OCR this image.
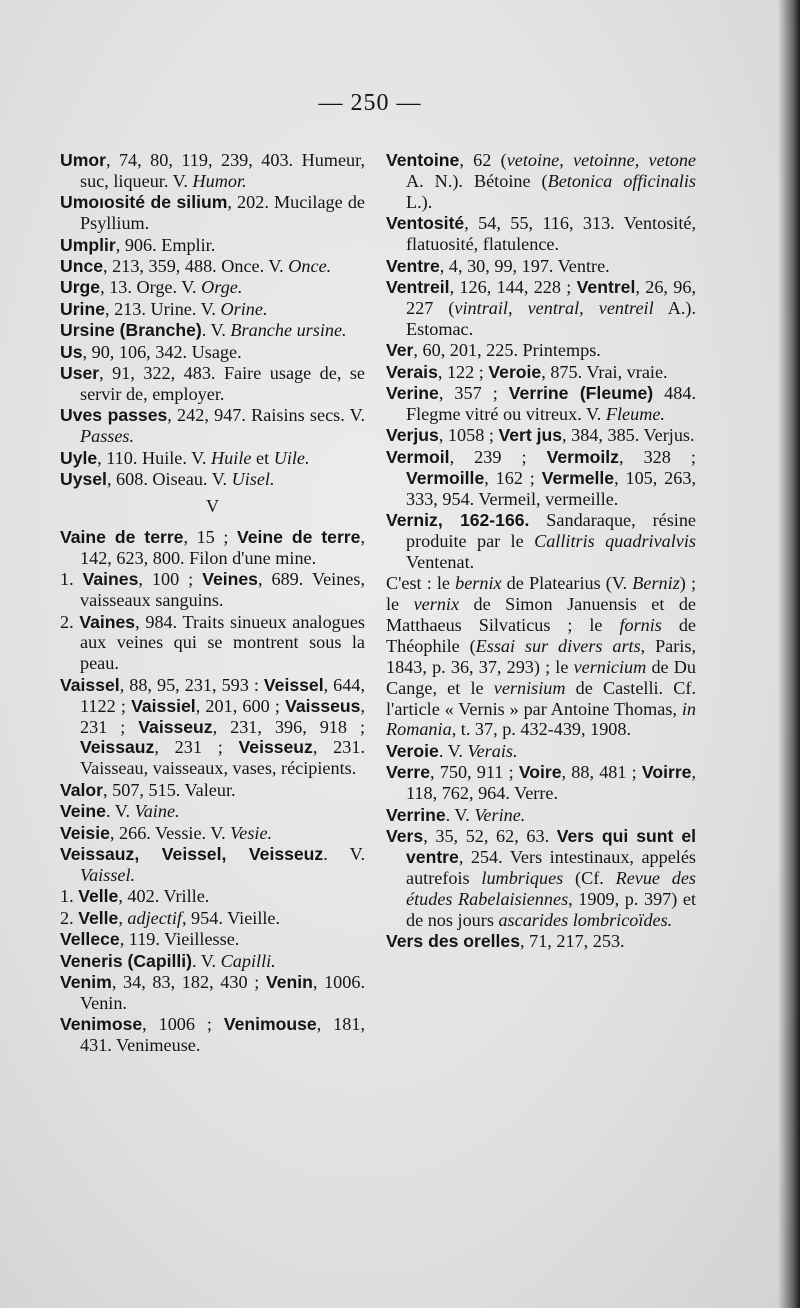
— 250 —

Umor, 74, 80, 119, 239, 403. Humeur, suc, liqueur. V. Humor.

Umoıosité de silium, 202. Mucilage de Psyllium.

Umplir, 906. Emplir.

Unce, 213, 359, 488. Once. V. Once.

Urge, 13. Orge. V. Orge.

Urine, 213. Urine. V. Orine.

Ursine (Branche). V. Branche ursine.

Us, 90, 106, 342. Usage.

User, 91, 322, 483. Faire usage de, se servir de, employer.

Uves passes, 242, 947. Raisins secs. V. Passes.

Uyle, 110. Huile. V. Huile et Uile.

Uysel, 608. Oiseau. V. Uisel.

V

Vaine de terre, 15 ; Veine de terre, 142, 623, 800. Filon d'une mine.

1. Vaines, 100 ; Veines, 689. Veines, vaisseaux sanguins.

2. Vaines, 984. Traits sinueux analogues aux veines qui se montrent sous la peau.

Vaissel, 88, 95, 231, 593 : Veissel, 644, 1122 ; Vaissiel, 201, 600 ; Vaisseus, 231 ; Vaisseuz, 231, 396, 918 ; Veissauz, 231 ; Veisseuz, 231. Vaisseau, vaisseaux, vases, récipients.

Valor, 507, 515. Valeur.

Veine. V. Vaine.

Veisie, 266. Vessie. V. Vesie.

Veissauz, Veissel, Veisseuz. V. Vaissel.

1. Velle, 402. Vrille.

2. Velle, adjectif, 954. Vieille.

Vellece, 119. Vieillesse.

Veneris (Capilli). V. Capilli.

Venim, 34, 83, 182, 430 ; Venin, 1006. Venin.

Venimose, 1006 ; Venimouse, 181, 431. Venimeuse.

Ventoine, 62 (vetoine, vetoinne, vetone A. N.). Bétoine (Betonica officinalis L.).

Ventosité, 54, 55, 116, 313. Ventosité, flatuosité, flatulence.

Ventre, 4, 30, 99, 197. Ventre.

Ventreil, 126, 144, 228 ; Ventrel, 26, 96, 227 (vintrail, ventral, ventreil A.). Estomac.

Ver, 60, 201, 225. Printemps.

Verais, 122 ; Veroie, 875. Vrai, vraie.

Verine, 357 ; Verrine (Fleume) 484. Flegme vitré ou vitreux. V. Fleume.

Verjus, 1058 ; Vert jus, 384, 385. Verjus.

Vermoil, 239 ; Vermoilz, 328 ; Vermoille, 162 ; Vermelle, 105, 263, 333, 954. Vermeil, vermeille.

Verniz, 162-166. Sandaraque, résine produite par le Callitris quadrivalvis Ventenat.

C'est : le bernix de Platearius (V. Berniz) ; le vernix de Simon Januensis et de Matthaeus Silvaticus ; le fornis de Théophile (Essai sur divers arts, Paris, 1843, p. 36, 37, 293) ; le vernicium de Du Cange, et le vernisium de Castelli. Cf. l'article « Vernis » par Antoine Thomas, in Romania, t. 37, p. 432-439, 1908.

Veroie. V. Verais.

Verre, 750, 911 ; Voire, 88, 481 ; Voirre, 118, 762, 964. Verre.

Verrine. V. Verine.

Vers, 35, 52, 62, 63. Vers qui sunt el ventre, 254. Vers intestinaux, appelés autrefois lumbriques (Cf. Revue des études Rabelaisiennes, 1909, p. 397) et de nos jours ascarides lombricoïdes.

Vers des orelles, 71, 217, 253.
